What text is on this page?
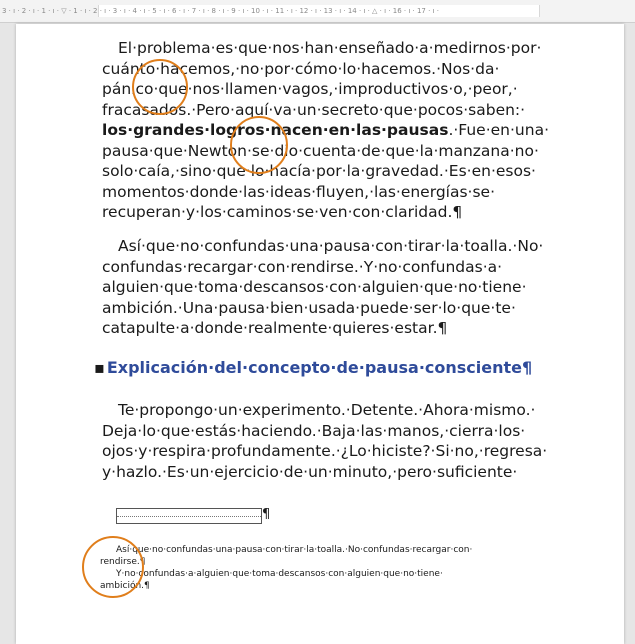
3 · ı · 2 · ı · 1 · ı · ▽ · 1 · ı · 2 · ı · 3 · ı · 4 · ı · 5 · ı · 6 · ı · 7 · ı · 8 · ı · 9 · ı · 10 · ı · 11 · ı · 12 · ı · 13 · ı · 14 · ı · △ · ı · 16 · ı · 17 · ı ·
El·problema·es·que·nos·han·enseñado·a·medirnos·por·
cuánto·hacemos,·no·por·cómo·lo·hacemos.·Nos·da·
pánico·que·nos·llamen·vagos,·improductivos·o,·peor,·
fracasados.·Pero·aquí·va·un·secreto·que·pocos·saben:·
los·grandes·logros·nacen·en·las·pausas.·Fue·en·una·
pausa·que·Newton·se·dio·cuenta·de·que·la·manzana·no·
solo·caía,·sino·que·lo·hacía·por·la·gravedad.·Es·en·esos·
momentos·donde·las·ideas·fluyen,·las·energías·se·
recuperan·y·los·caminos·se·ven·con·claridad.¶
Así·que·no·confundas·una·pausa·con·tirar·la·toalla.·No·
confundas·recargar·con·rendirse.·Y·no·confundas·a·
alguien·que·toma·descansos·con·alguien·que·no·tiene·
ambición.·Una·pausa·bien·usada·puede·ser·lo·que·te·
catapulte·a·donde·realmente·quieres·estar.¶
▪ Explicación·del·concepto·de·pausa·consciente¶
Te·propongo·un·experimento.·Detente.·Ahora·mismo.·
Deja·lo·que·estás·haciendo.·Baja·las·manos,·cierra·los·
ojos·y·respira·profundamente.·¿Lo·hiciste?·Si·no,·regresa·
y·hazlo.·Es·un·ejercicio·de·un·minuto,·pero·suficiente·
¶
Así·que·no·confundas·una·pausa·con·tirar·la·toalla.·No·confundas·recargar·con·
rendirse.¶
Y·no·confundas·a·alguien·que·toma·descansos·con·alguien·que·no·tiene·
ambición.¶
